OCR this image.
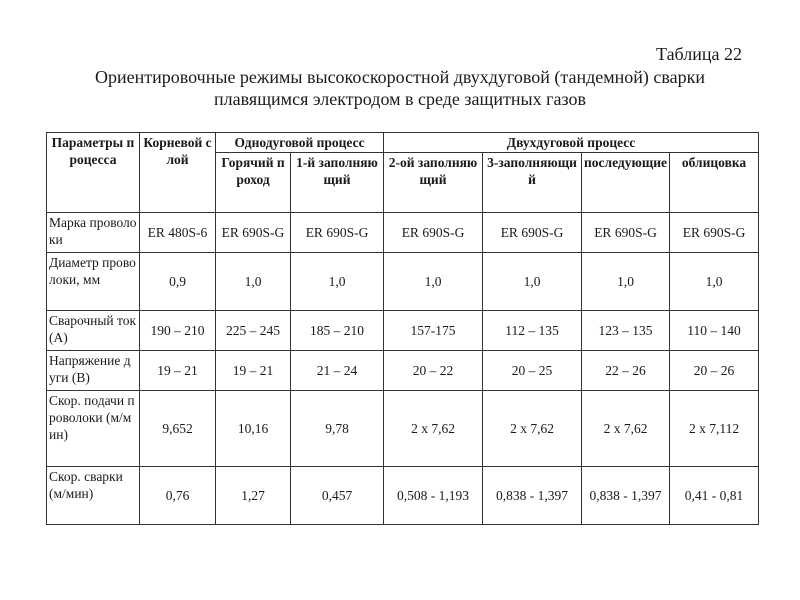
Таблица 22
Ориентировочные режимы высокоскоростной двухдуговой (тандемной) сварки
плавящимся электродом в среде защитных газов
Параметры процесса	Корневой слой	Однодуговой процесс		Двухдуговой процесс			
		Горячий проход	1-й заполняющий	2-ой заполняющий	3-заполняющий	последующие	облицовка
Марка проволоки	ER 480S-6	ER 690S-G	ER 690S-G	ER 690S-G	ER 690S-G	ER 690S-G	ER 690S-G
Диаметр проволоки, мм	0,9	1,0	1,0	1,0	1,0	1,0	1,0
Сварочный ток (А)	190 – 210	225 – 245	185 – 210	157-175	112 – 135	123 – 135	110 – 140
Напряжение дуги (В)	19 – 21	19 – 21	21 – 24	20 – 22	20 – 25	22 – 26	20 – 26
Скор. подачи проволоки (м/мин)	9,652	10,16	9,78	2 х 7,62	2 х 7,62	2 х 7,62	2 х 7,112
Скор. сварки (м/мин)	0,76	1,27	0,457	0,508 - 1,193	0,838 - 1,397	0,838 - 1,397	0,41 - 0,81
